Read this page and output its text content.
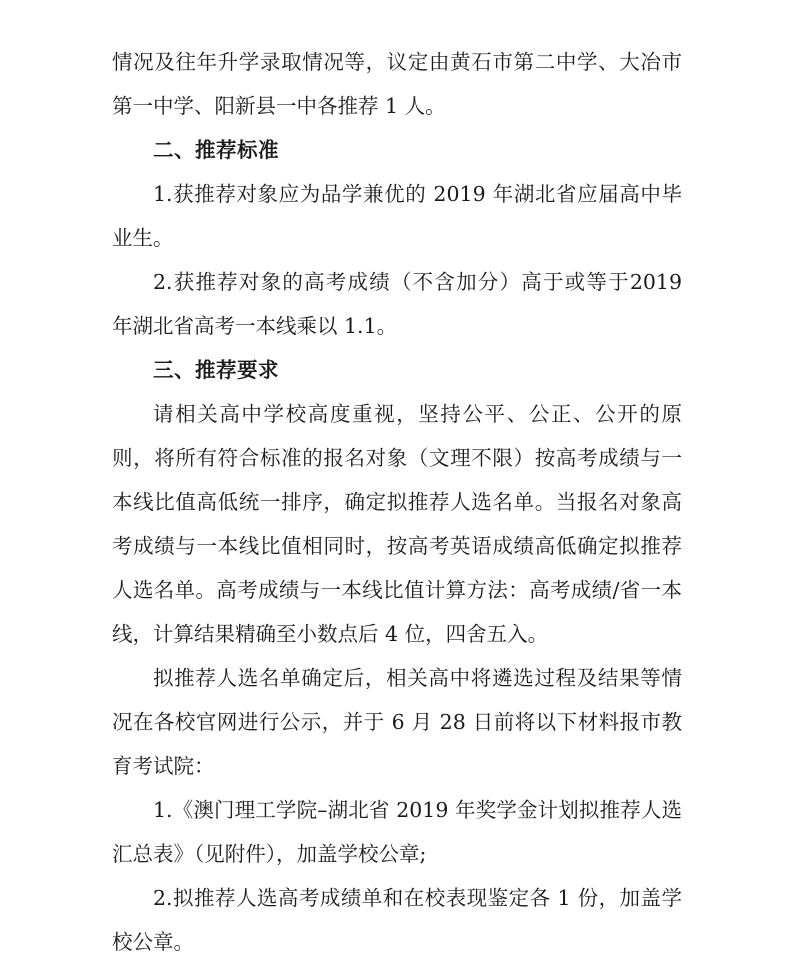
情况及往年升学录取情况等，议定由黄石市第二中学、大冶市第一中学、阳新县一中各推荐 1 人。

二、推荐标准

1.获推荐对象应为品学兼优的 2019 年湖北省应届高中毕业生。

2.获推荐对象的高考成绩（不含加分）高于或等于2019 年湖北省高考一本线乘以 1.1。

三、推荐要求

请相关高中学校高度重视，坚持公平、公正、公开的原则，将所有符合标准的报名对象（文理不限）按高考成绩与一本线比值高低统一排序，确定拟推荐人选名单。当报名对象高考成绩与一本线比值相同时，按高考英语成绩高低确定拟推荐人选名单。高考成绩与一本线比值计算方法：高考成绩/省一本线，计算结果精确至小数点后 4 位，四舍五入。

拟推荐人选名单确定后，相关高中将遴选过程及结果等情况在各校官网进行公示，并于 6 月 28 日前将以下材料报市教育考试院：

1.《澳门理工学院–湖北省 2019 年奖学金计划拟推荐人选汇总表》（见附件），加盖学校公章;

2.拟推荐人选高考成绩单和在校表现鉴定各 1 份，加盖学校公章。
